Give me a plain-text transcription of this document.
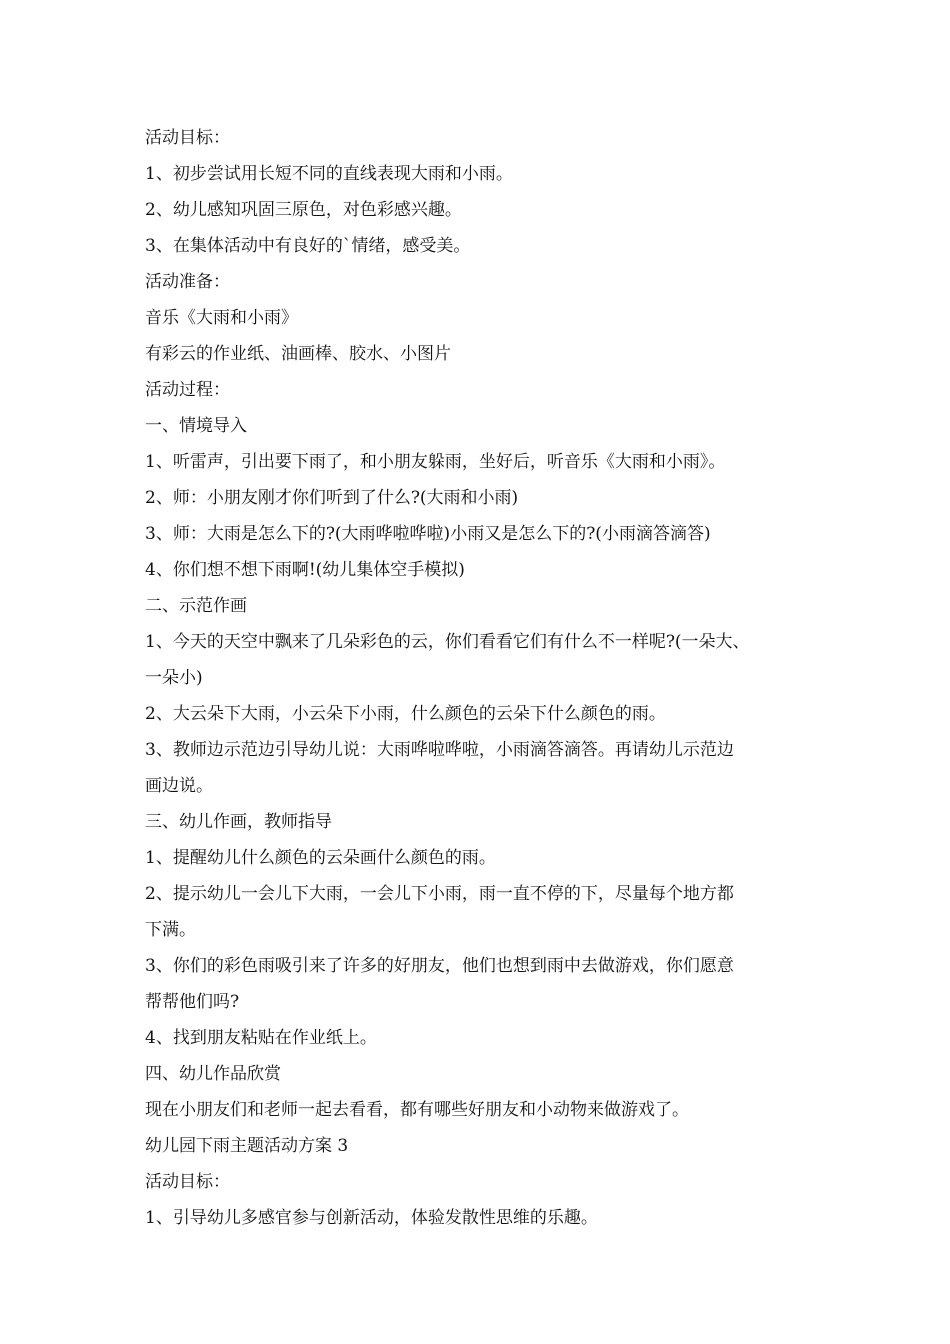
活动目标：

1、初步尝试用长短不同的直线表现大雨和小雨。

2、幼儿感知巩固三原色，对色彩感兴趣。

3、在集体活动中有良好的`情绪，感受美。

活动准备：

音乐《大雨和小雨》

有彩云的作业纸、油画棒、胶水、小图片

活动过程：

一、情境导入

1、听雷声，引出要下雨了，和小朋友躲雨，坐好后，听音乐《大雨和小雨》。

2、师：小朋友刚才你们听到了什么?(大雨和小雨)

3、师：大雨是怎么下的?(大雨哗啦哗啦)小雨又是怎么下的?(小雨滴答滴答)

4、你们想不想下雨啊!(幼儿集体空手模拟)

二、示范作画

1、今天的天空中飘来了几朵彩色的云，你们看看它们有什么不一样呢?(一朵大、

一朵小)

2、大云朵下大雨，小云朵下小雨，什么颜色的云朵下什么颜色的雨。

3、教师边示范边引导幼儿说：大雨哗啦哗啦，小雨滴答滴答。再请幼儿示范边

画边说。

三、幼儿作画，教师指导

1、提醒幼儿什么颜色的云朵画什么颜色的雨。

2、提示幼儿一会儿下大雨，一会儿下小雨，雨一直不停的下，尽量每个地方都

下满。

3、你们的彩色雨吸引来了许多的好朋友，他们也想到雨中去做游戏，你们愿意

帮帮他们吗?

4、找到朋友粘贴在作业纸上。

四、幼儿作品欣赏

现在小朋友们和老师一起去看看，都有哪些好朋友和小动物来做游戏了。

幼儿园下雨主题活动方案 3

活动目标：

1、引导幼儿多感官参与创新活动，体验发散性思维的乐趣。
